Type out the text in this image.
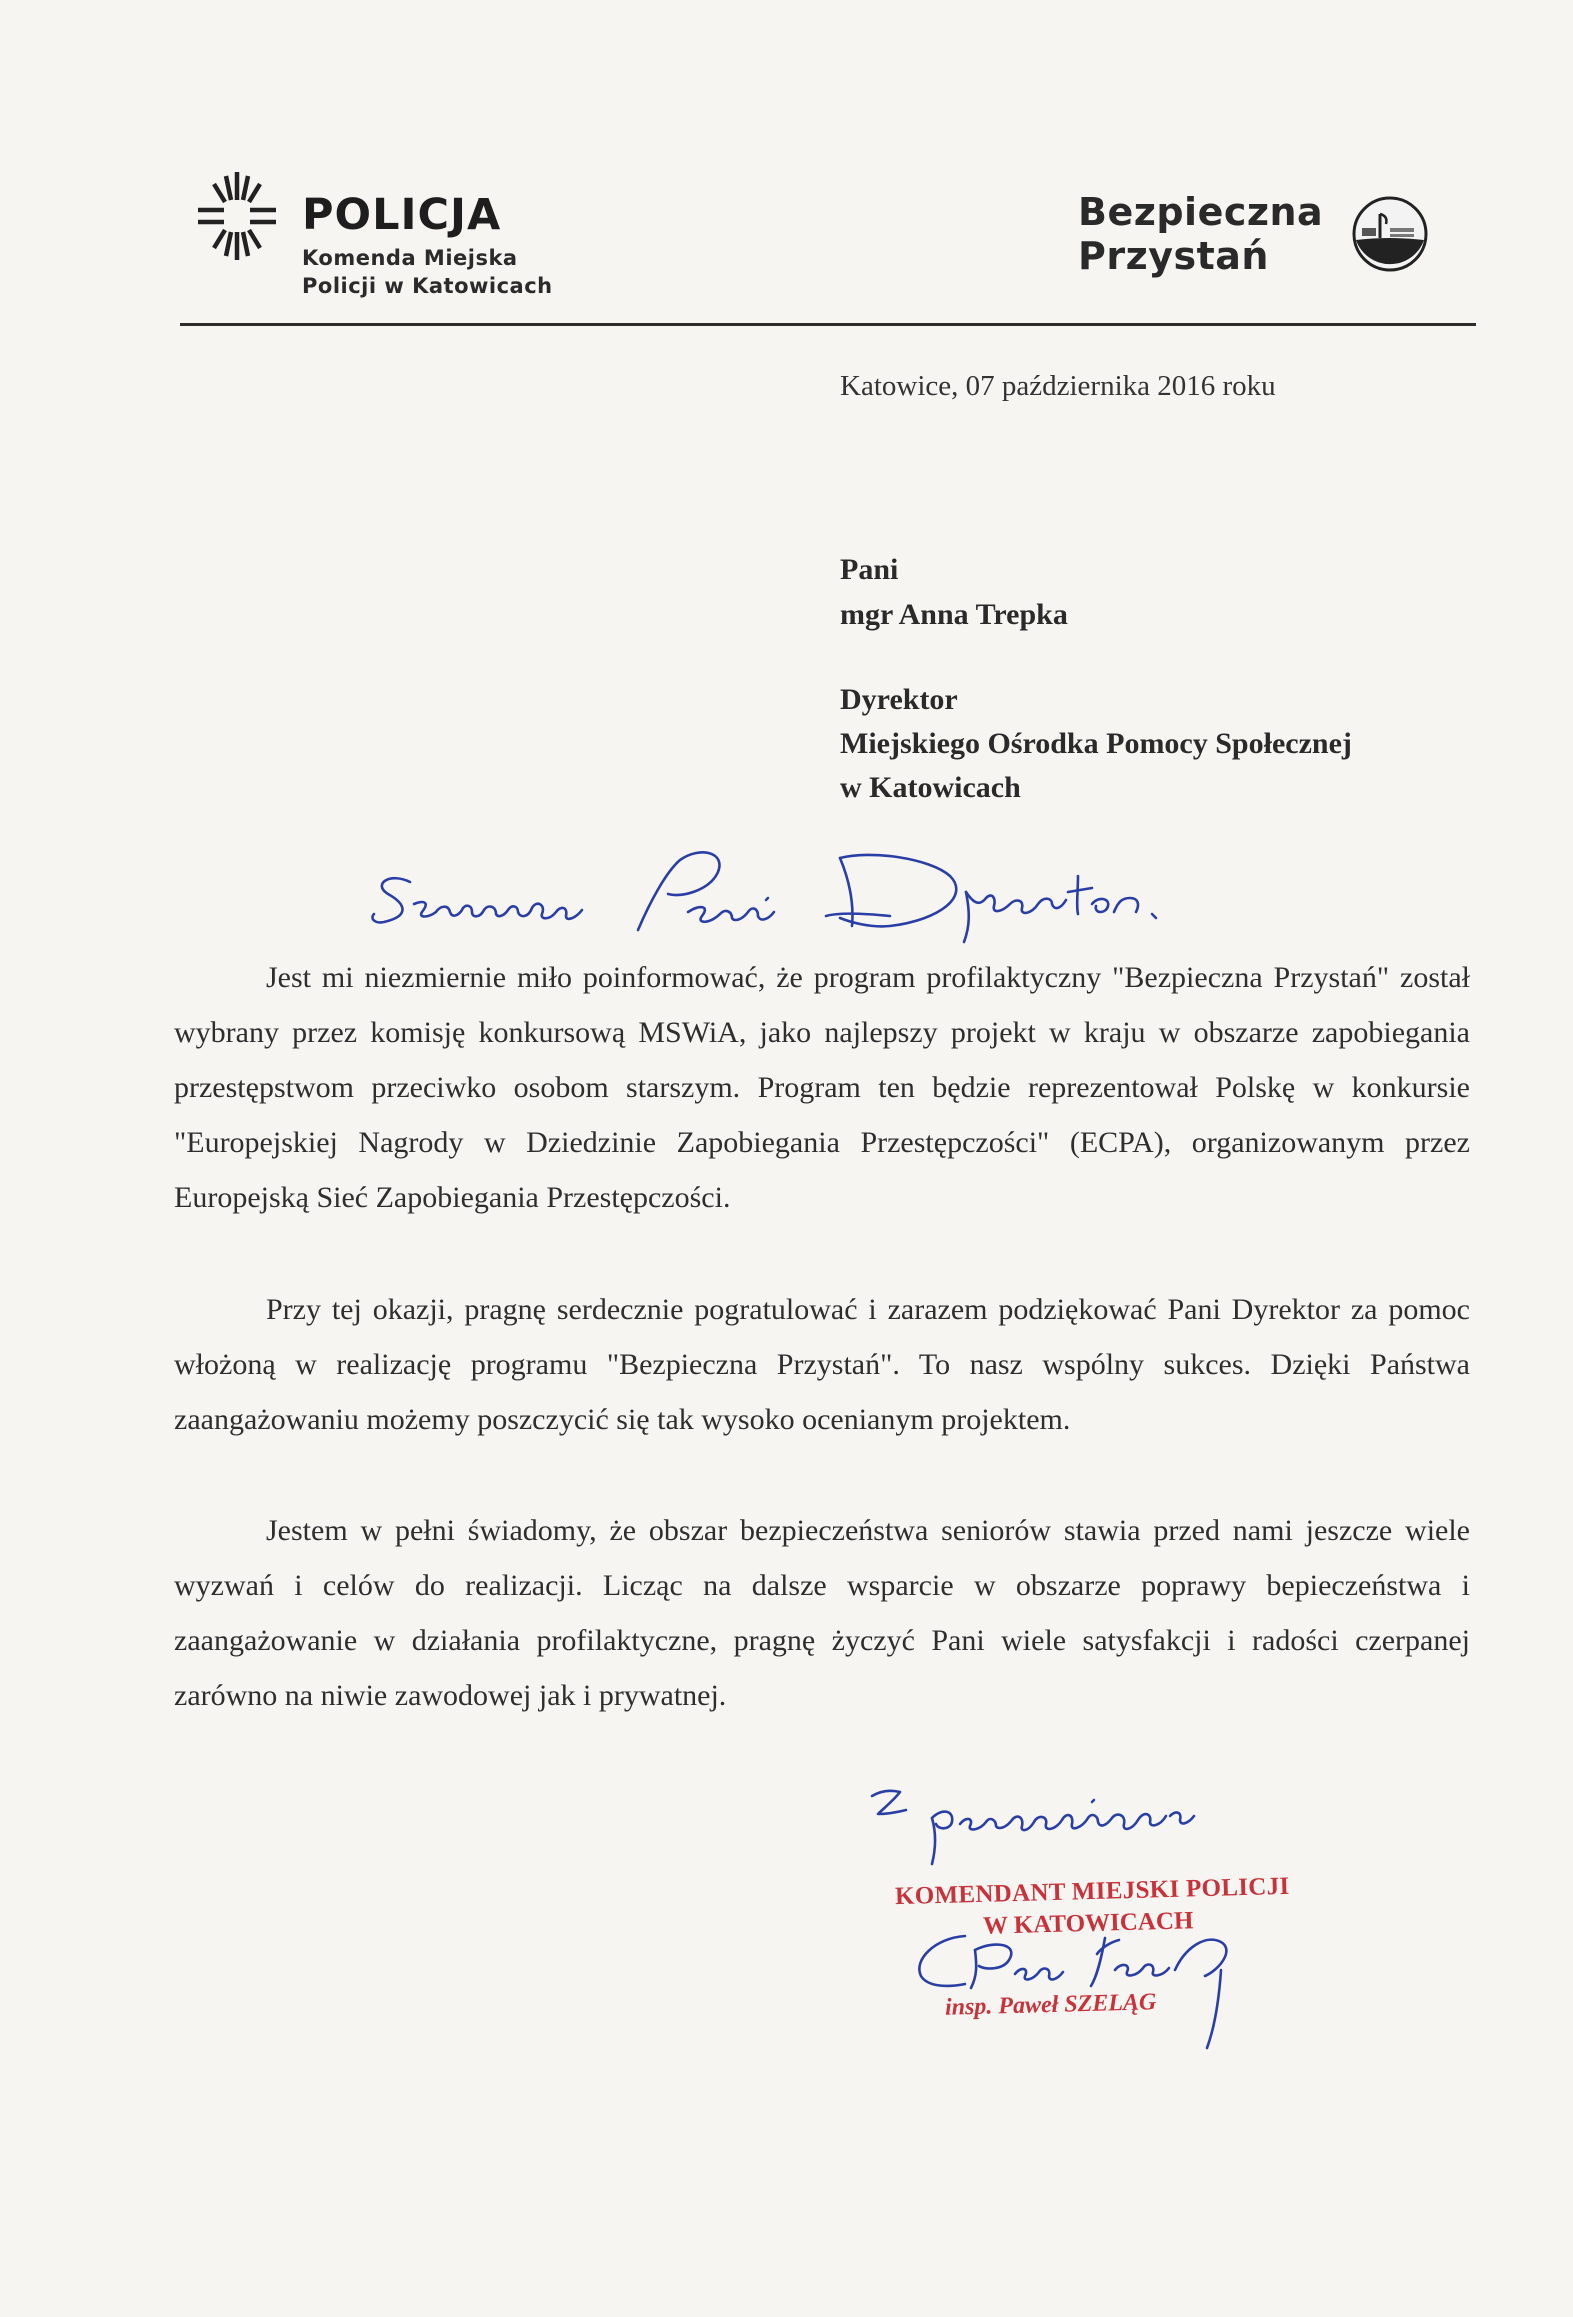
POLICJA
Komenda Miejska
Policji w Katowicach
Bezpieczna
Przystań
Katowice, 07 października 2016 roku
Pani
mgr Anna Trepka
Dyrektor
Miejskiego Ośrodka Pomocy Społecznej
w Katowicach

Jest mi niezmiernie miło poinformować, że program profilaktyczny "Bezpieczna Przystań" został wybrany przez komisję konkursową MSWiA, jako najlepszy projekt w kraju w obszarze zapobiegania przestępstwom przeciwko osobom starszym. Program ten będzie reprezentował Polskę w konkursie "Europejskiej Nagrody w Dziedzinie Zapobiegania Przestępczości" (ECPA), organizowanym przez Europejską Sieć Zapobiegania Przestępczości.

Przy tej okazji, pragnę serdecznie pogratulować i zarazem podziękować Pani Dyrektor za pomoc włożoną w realizację programu "Bezpieczna Przystań". To nasz wspólny sukces. Dzięki Państwa zaangażowaniu możemy poszczycić się tak wysoko ocenianym projektem.

Jestem w pełni świadomy, że obszar bezpieczeństwa seniorów stawia przed nami jeszcze wiele wyzwań i celów do realizacji. Licząc na dalsze wsparcie w obszarze poprawy bepieczeństwa i zaangażowanie w działania profilaktyczne, pragnę życzyć Pani wiele satysfakcji i radości czerpanej zarówno na niwie zawodowej jak i prywatnej.

KOMENDANT MIEJSKI POLICJI
W KATOWICACH
insp. Paweł SZELĄG
